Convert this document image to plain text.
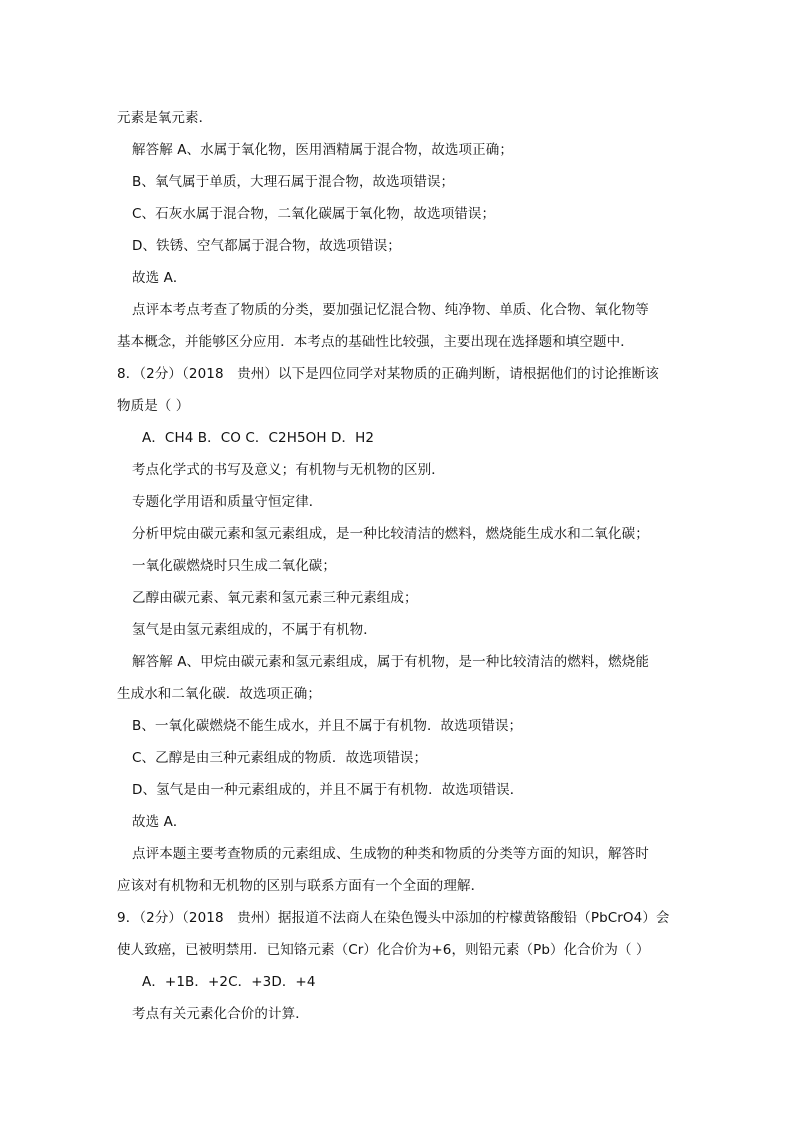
元素是氧元素．
解答解 A、水属于氧化物，医用酒精属于混合物，故选项正确；
B、氧气属于单质，大理石属于混合物，故选项错误；
C、石灰水属于混合物，二氧化碳属于氧化物，故选项错误；
D、铁锈、空气都属于混合物，故选项错误；
故选 A．
点评本考点考查了物质的分类，要加强记忆混合物、纯净物、单质、化合物、氧化物等
基本概念，并能够区分应用．本考点的基础性比较强，主要出现在选择题和填空题中．
8．（2分）（2018　贵州）以下是四位同学对某物质的正确判断，请根据他们的讨论推断该
物质是（ ）
A．CH4 B．CO C．C2H5OH D．H2
考点化学式的书写及意义；有机物与无机物的区别．
专题化学用语和质量守恒定律．
分析甲烷由碳元素和氢元素组成，是一种比较清洁的燃料，燃烧能生成水和二氧化碳；
一氧化碳燃烧时只生成二氧化碳；
乙醇由碳元素、氧元素和氢元素三种元素组成；
氢气是由氢元素组成的，不属于有机物．
解答解 A、甲烷由碳元素和氢元素组成，属于有机物，是一种比较清洁的燃料，燃烧能
生成水和二氧化碳．故选项正确；
B、一氧化碳燃烧不能生成水，并且不属于有机物．故选项错误；
C、乙醇是由三种元素组成的物质．故选项错误；
D、氢气是由一种元素组成的，并且不属于有机物．故选项错误．
故选 A．
点评本题主要考查物质的元素组成、生成物的种类和物质的分类等方面的知识，解答时
应该对有机物和无机物的区别与联系方面有一个全面的理解．
9．（2分）（2018　贵州）据报道不法商人在染色馒头中添加的柠檬黄铬酸铅（PbCrO4）会
使人致癌，已被明禁用．已知铬元素（Cr）化合价为+6，则铅元素（Pb）化合价为（ ）
A．+1B．+2C．+3D．+4
考点有关元素化合价的计算．
